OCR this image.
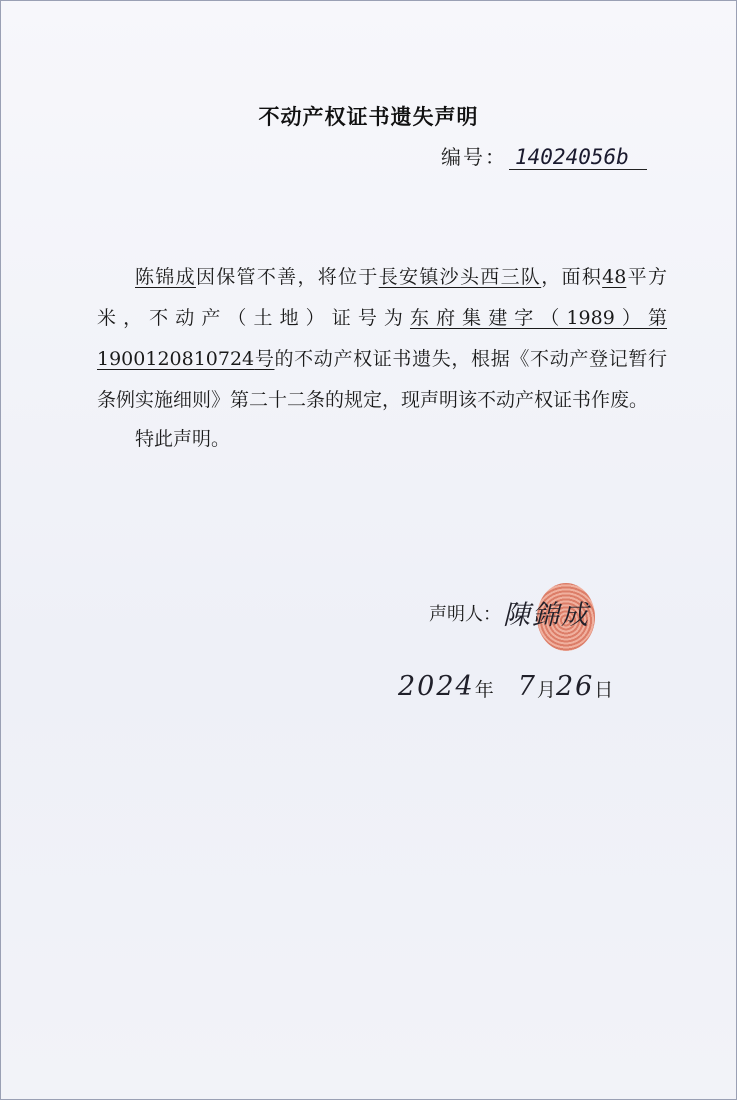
不动产权证书遗失声明
编号： 14024056b

陈锦成因保管不善，将位于長安镇沙头西三队，面积48平方米，不动产（土地）证号为东府集建字（1989）第 1900120810724号的不动产权证书遗失，根据《不动产登记暂行条例实施细则》第二十二条的规定，现声明该不动产权证书作废。

特此声明。
声明人： 陳錦成
2024 年 7 月 26 日
